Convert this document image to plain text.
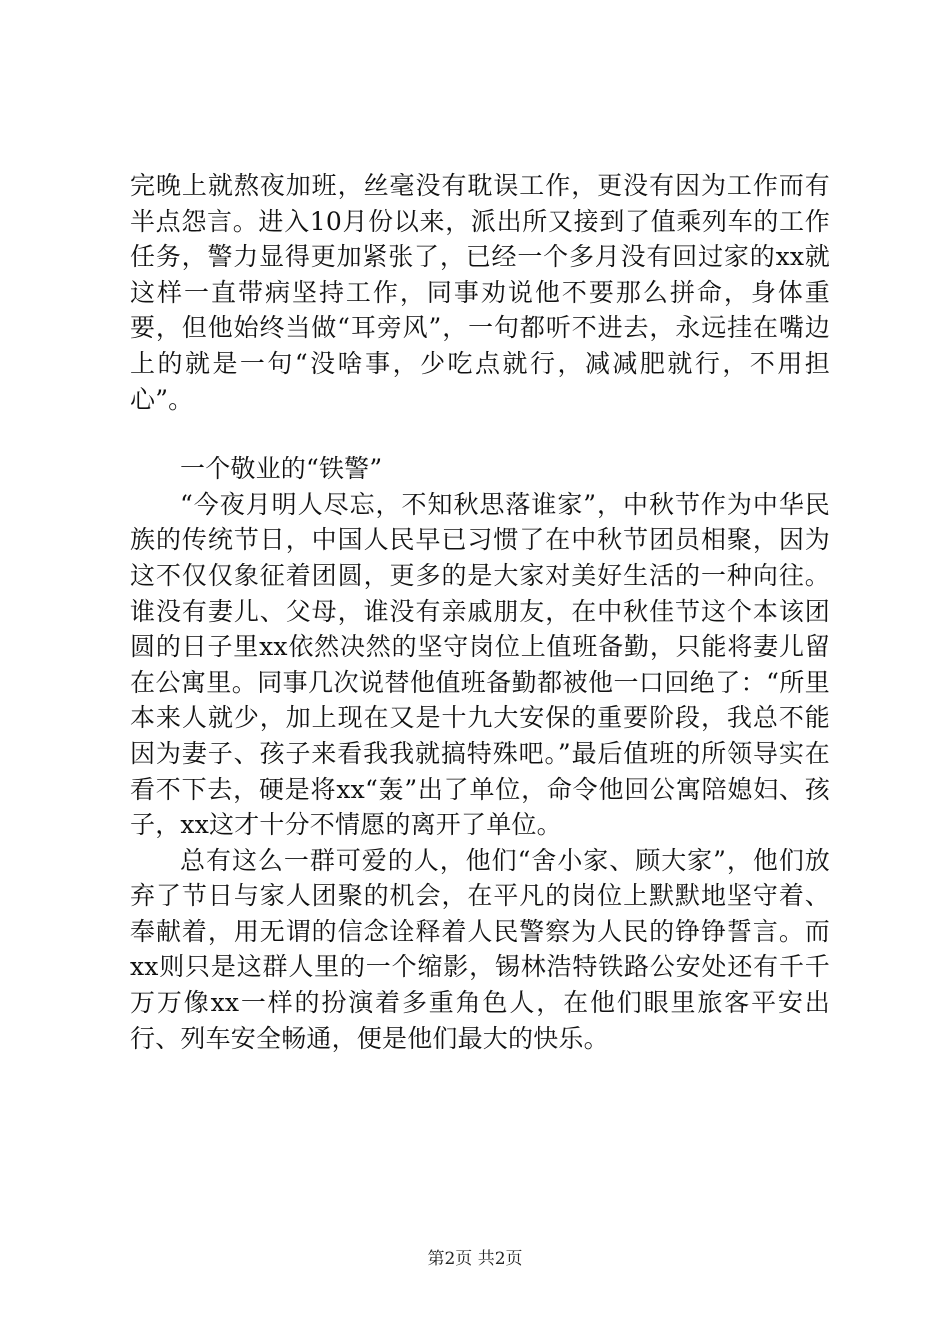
完晚上就熬夜加班，丝毫没有耽误工作，更没有因为工作而有半点怨言。进入10月份以来，派出所又接到了值乘列车的工作任务，警力显得更加紧张了，已经一个多月没有回过家的xx就这样一直带病坚持工作，同事劝说他不要那么拼命，身体重要，但他始终当做“耳旁风”，一句都听不进去，永远挂在嘴边上的就是一句“没啥事，少吃点就行，减减肥就行，不用担心”。

一个敬业的“铁警”

“今夜月明人尽忘，不知秋思落谁家”，中秋节作为中华民族的传统节日，中国人民早已习惯了在中秋节团员相聚，因为这不仅仅象征着团圆，更多的是大家对美好生活的一种向往。谁没有妻儿、父母，谁没有亲戚朋友，在中秋佳节这个本该团圆的日子里xx依然决然的坚守岗位上值班备勤，只能将妻儿留在公寓里。同事几次说替他值班备勤都被他一口回绝了：“所里本来人就少，加上现在又是十九大安保的重要阶段，我总不能因为妻子、孩子来看我我就搞特殊吧。”最后值班的所领导实在看不下去，硬是将xx“轰”出了单位，命令他回公寓陪媳妇、孩子，xx这才十分不情愿的离开了单位。

总有这么一群可爱的人，他们“舍小家、顾大家”，他们放弃了节日与家人团聚的机会，在平凡的岗位上默默地坚守着、奉献着，用无谓的信念诠释着人民警察为人民的铮铮誓言。而xx则只是这群人里的一个缩影，锡林浩特铁路公安处还有千千万万像xx一样的扮演着多重角色人，在他们眼里旅客平安出行、列车安全畅通，便是他们最大的快乐。

第2页 共2页
